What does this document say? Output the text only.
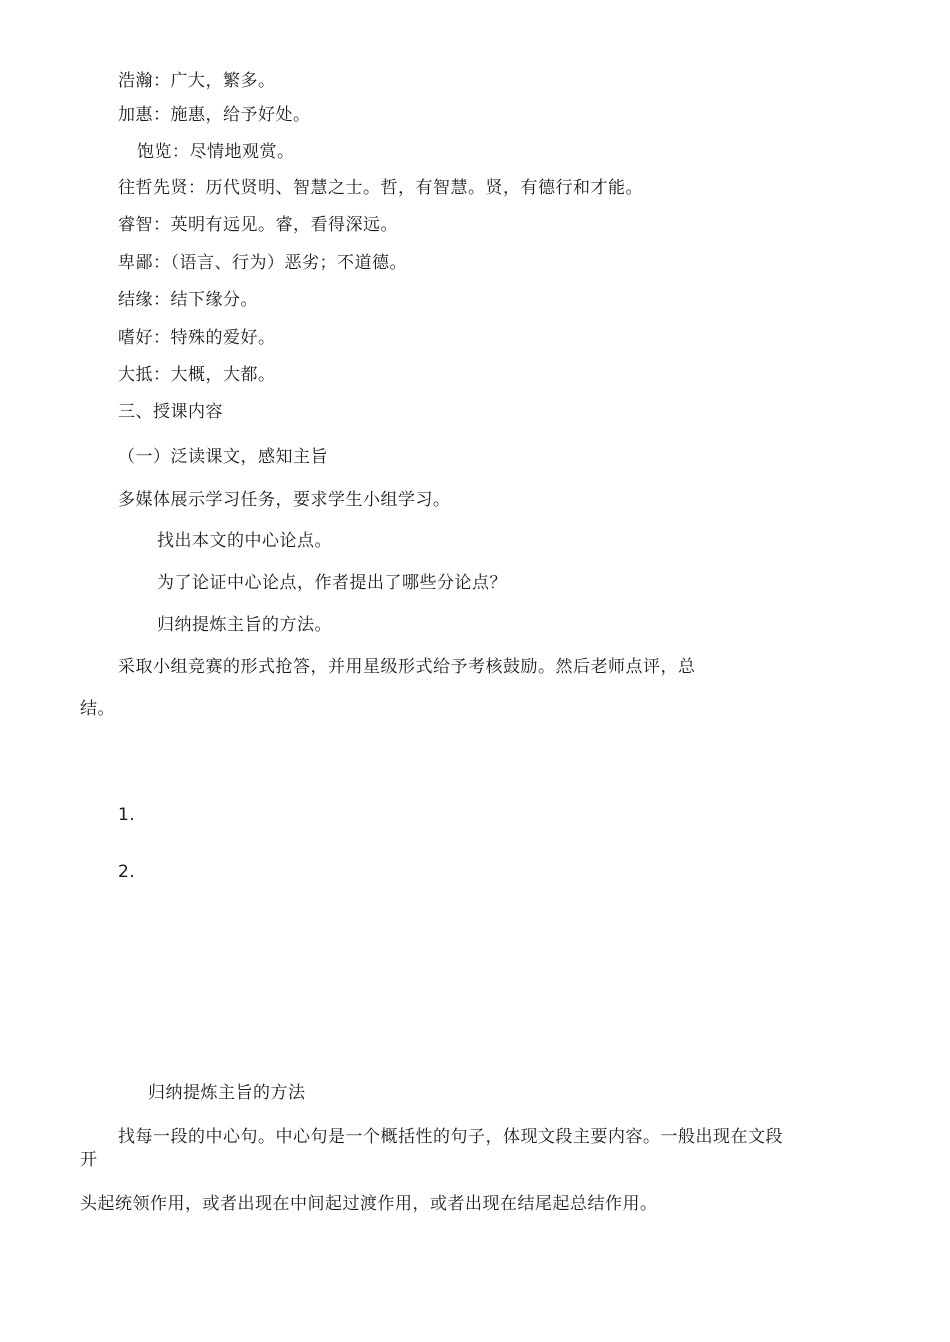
浩瀚：广大，繁多。
加惠：施惠，给予好处。
饱览：尽情地观赏。
往哲先贤：历代贤明、智慧之士。哲，有智慧。贤，有德行和才能。
睿智：英明有远见。睿，看得深远。
卑鄙：（语言、行为）恶劣；不道德。
结缘：结下缘分。
嗜好：特殊的爱好。
大抵：大概，大都。
三、授课内容
（一）泛读课文，感知主旨
多媒体展示学习任务，要求学生小组学习。
找出本文的中心论点。
为了论证中心论点，作者提出了哪些分论点？
归纳提炼主旨的方法。
采取小组竞赛的形式抢答，并用星级形式给予考核鼓励。然后老师点评，总
结。
1.
2.
归纳提炼主旨的方法
找每一段的中心句。中心句是一个概括性的句子，体现文段主要内容。一般出现在文段
开
头起统领作用，或者出现在中间起过渡作用，或者出现在结尾起总结作用。
